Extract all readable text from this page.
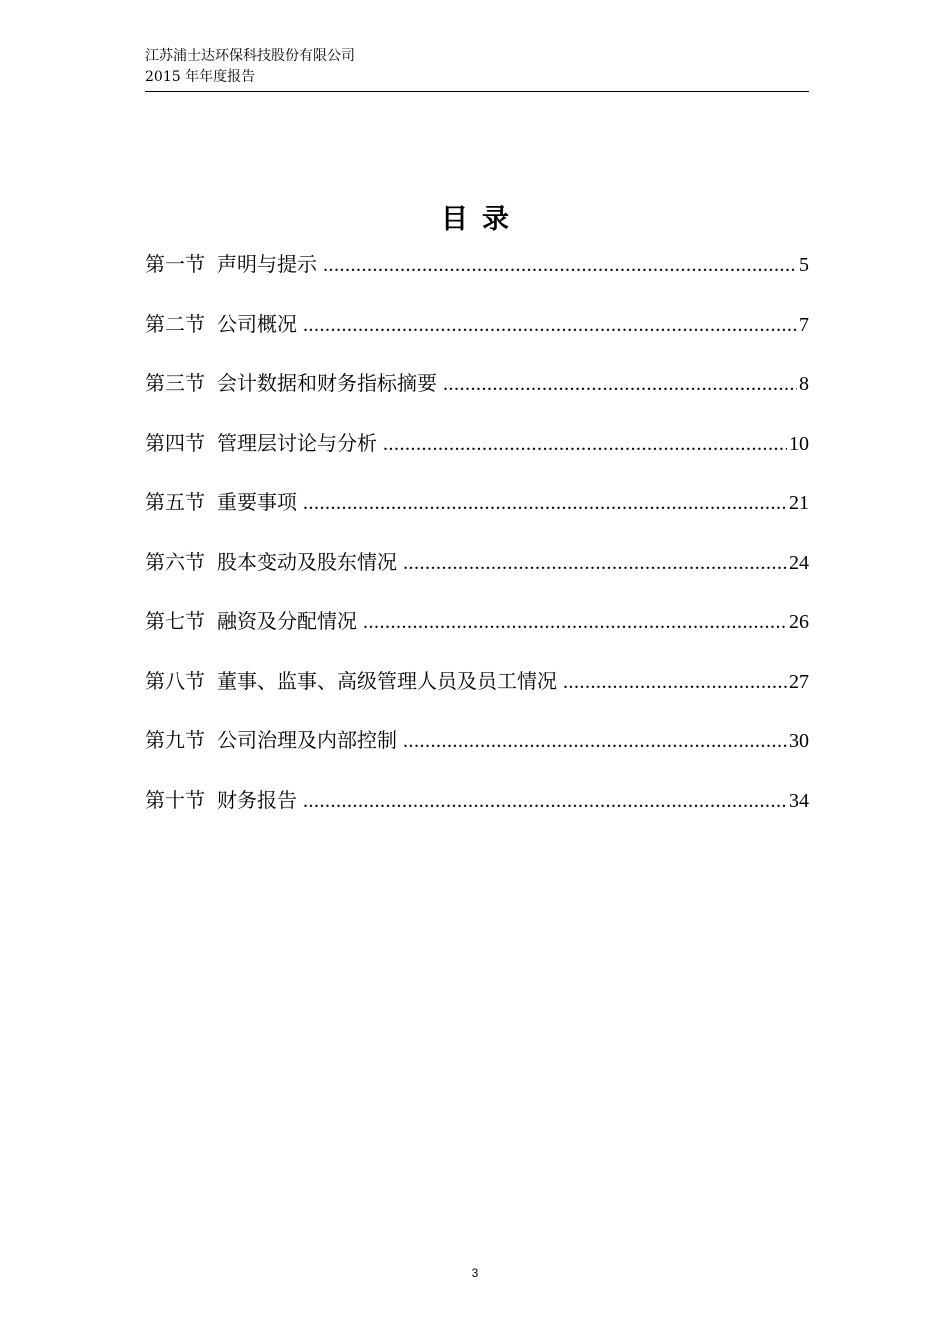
江苏浦士达环保科技股份有限公司
2015 年年度报告
目录
第一节 声明与提示 .....	5
第二节 公司概况 .....	7
第三节 会计数据和财务指标摘要 .....	8
第四节 管理层讨论与分析 .....	10
第五节 重要事项 .....	21
第六节 股本变动及股东情况 .....	24
第七节 融资及分配情况 .....	26
第八节 董事、监事、高级管理人员及员工情况 .....	27
第九节 公司治理及内部控制 .....	30
第十节 财务报告 .....	34
3
